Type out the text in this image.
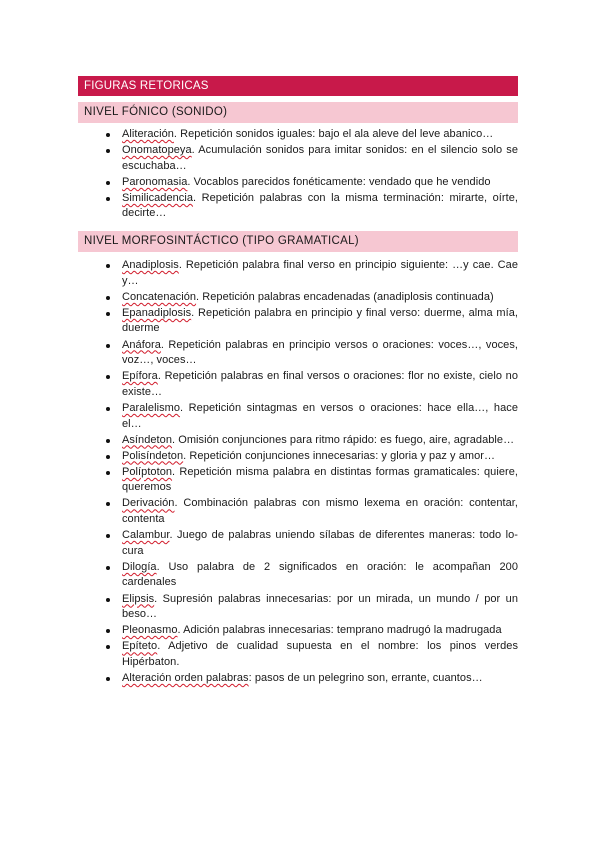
FIGURAS RETORICAS
NIVEL FÓNICO (SONIDO)
Aliteración. Repetición sonidos iguales: bajo el ala aleve del leve abanico…
Onomatopeya. Acumulación sonidos para imitar sonidos: en el silencio solo se escuchaba…
Paronomasia. Vocablos parecidos fonéticamente: vendado que he vendido
Similicadencia. Repetición palabras con la misma terminación: mirarte, oírte, decirte…
NIVEL MORFOSINTÁCTICO (TIPO GRAMATICAL)
Anadiplosis. Repetición palabra final verso en principio siguiente: …y cae. Cae y…
Concatenación. Repetición palabras encadenadas (anadiplosis continuada)
Epanadiplosis. Repetición palabra en principio y final verso: duerme, alma mía, duerme
Anáfora. Repetición palabras en principio versos o oraciones: voces…, voces, voz…, voces…
Epífora. Repetición palabras en final versos o oraciones: flor no existe, cielo no existe…
Paralelismo. Repetición sintagmas en versos o oraciones: hace ella…, hace el…
Asíndeton. Omisión conjunciones para ritmo rápido: es fuego, aire, agradable…
Polisíndeton. Repetición conjunciones innecesarias: y gloria y paz y amor…
Políptoton. Repetición misma palabra en distintas formas gramaticales: quiere, queremos
Derivación. Combinación palabras con mismo lexema en oración: contentar, contenta
Calambur. Juego de palabras uniendo sílabas de diferentes maneras: todo lo-cura
Dilogía. Uso palabra de 2 significados en oración: le acompañan 200 cardenales
Elipsis. Supresión palabras innecesarias: por un mirada, un mundo / por un beso…
Pleonasmo. Adición palabras innecesarias: temprano madrugó la madrugada
Epíteto. Adjetivo de cualidad supuesta en el nombre: los pinos verdes Hipérbaton.
Alteración orden palabras: pasos de un pelegrino son, errante, cuantos…
